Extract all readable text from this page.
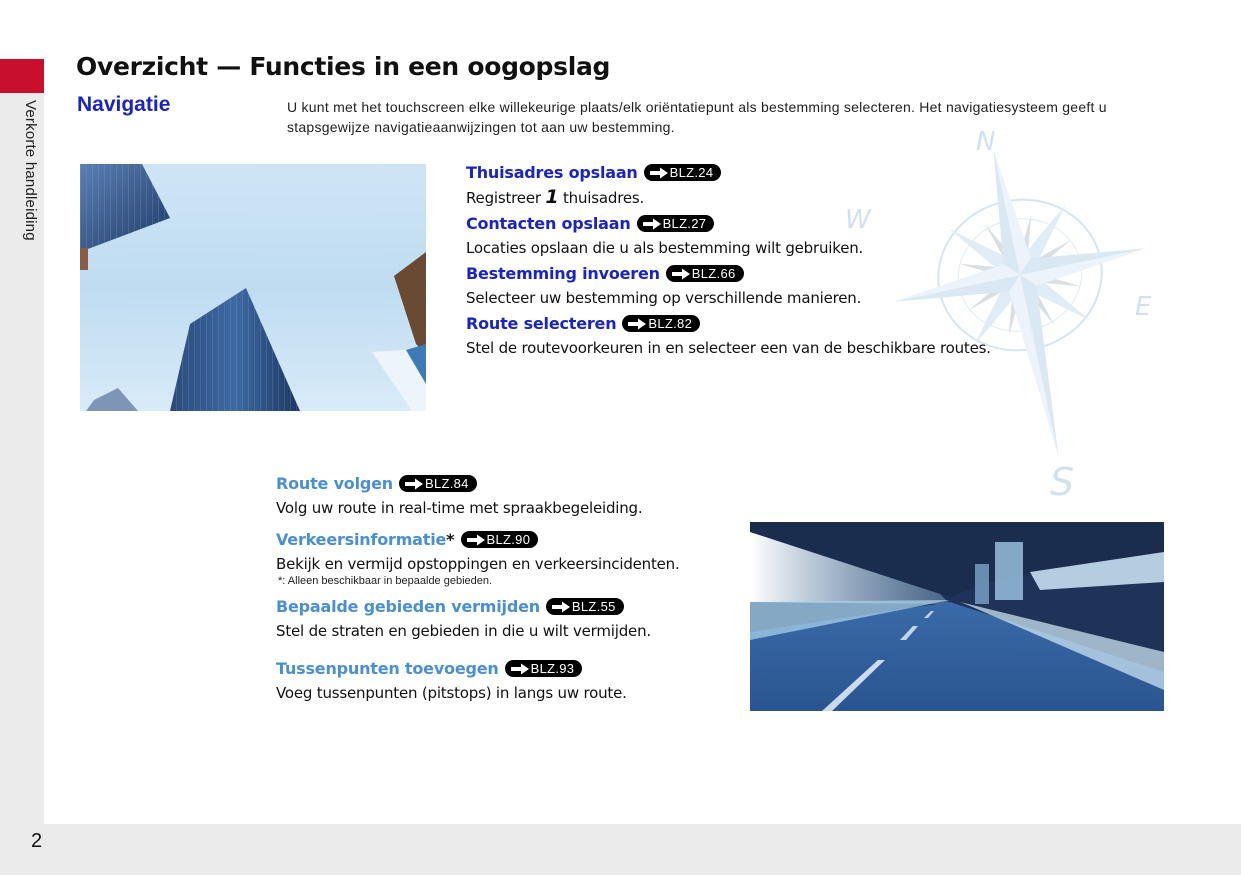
Verkorte handleiding
2
Overzicht — Functies in een oogopslag
Navigatie	U kunt met het touchscreen elke willekeurige plaats/elk oriëntatiepunt als bestemming selecteren. Het navigatiesysteem geeft u stapsgewijze navigatieaanwijzingen tot aan uw bestemming.	N
E
S
W
Thuisadres opslaan BLZ.24
Registreer 1 thuisadres.
Contacten opslaan BLZ.27
Locaties opslaan die u als bestemming wilt gebruiken.
Bestemming invoeren BLZ.66
Selecteer uw bestemming op verschillende manieren.
Route selecteren BLZ.82
Stel de routevoorkeuren in en selecteer een van de beschikbare routes.
Route volgen BLZ.84
Volg uw route in real-time met spraakbegeleiding.
Verkeersinformatie * BLZ.90
Bekijk en vermijd opstoppingen en verkeersincidenten.
*: Alleen beschikbaar in bepaalde gebieden.
Bepaalde gebieden vermijden BLZ.55
Stel de straten en gebieden in die u wilt vermijden.
Tussenpunten toevoegen BLZ.93
Voeg tussenpunten (pitstops) in langs uw route.
